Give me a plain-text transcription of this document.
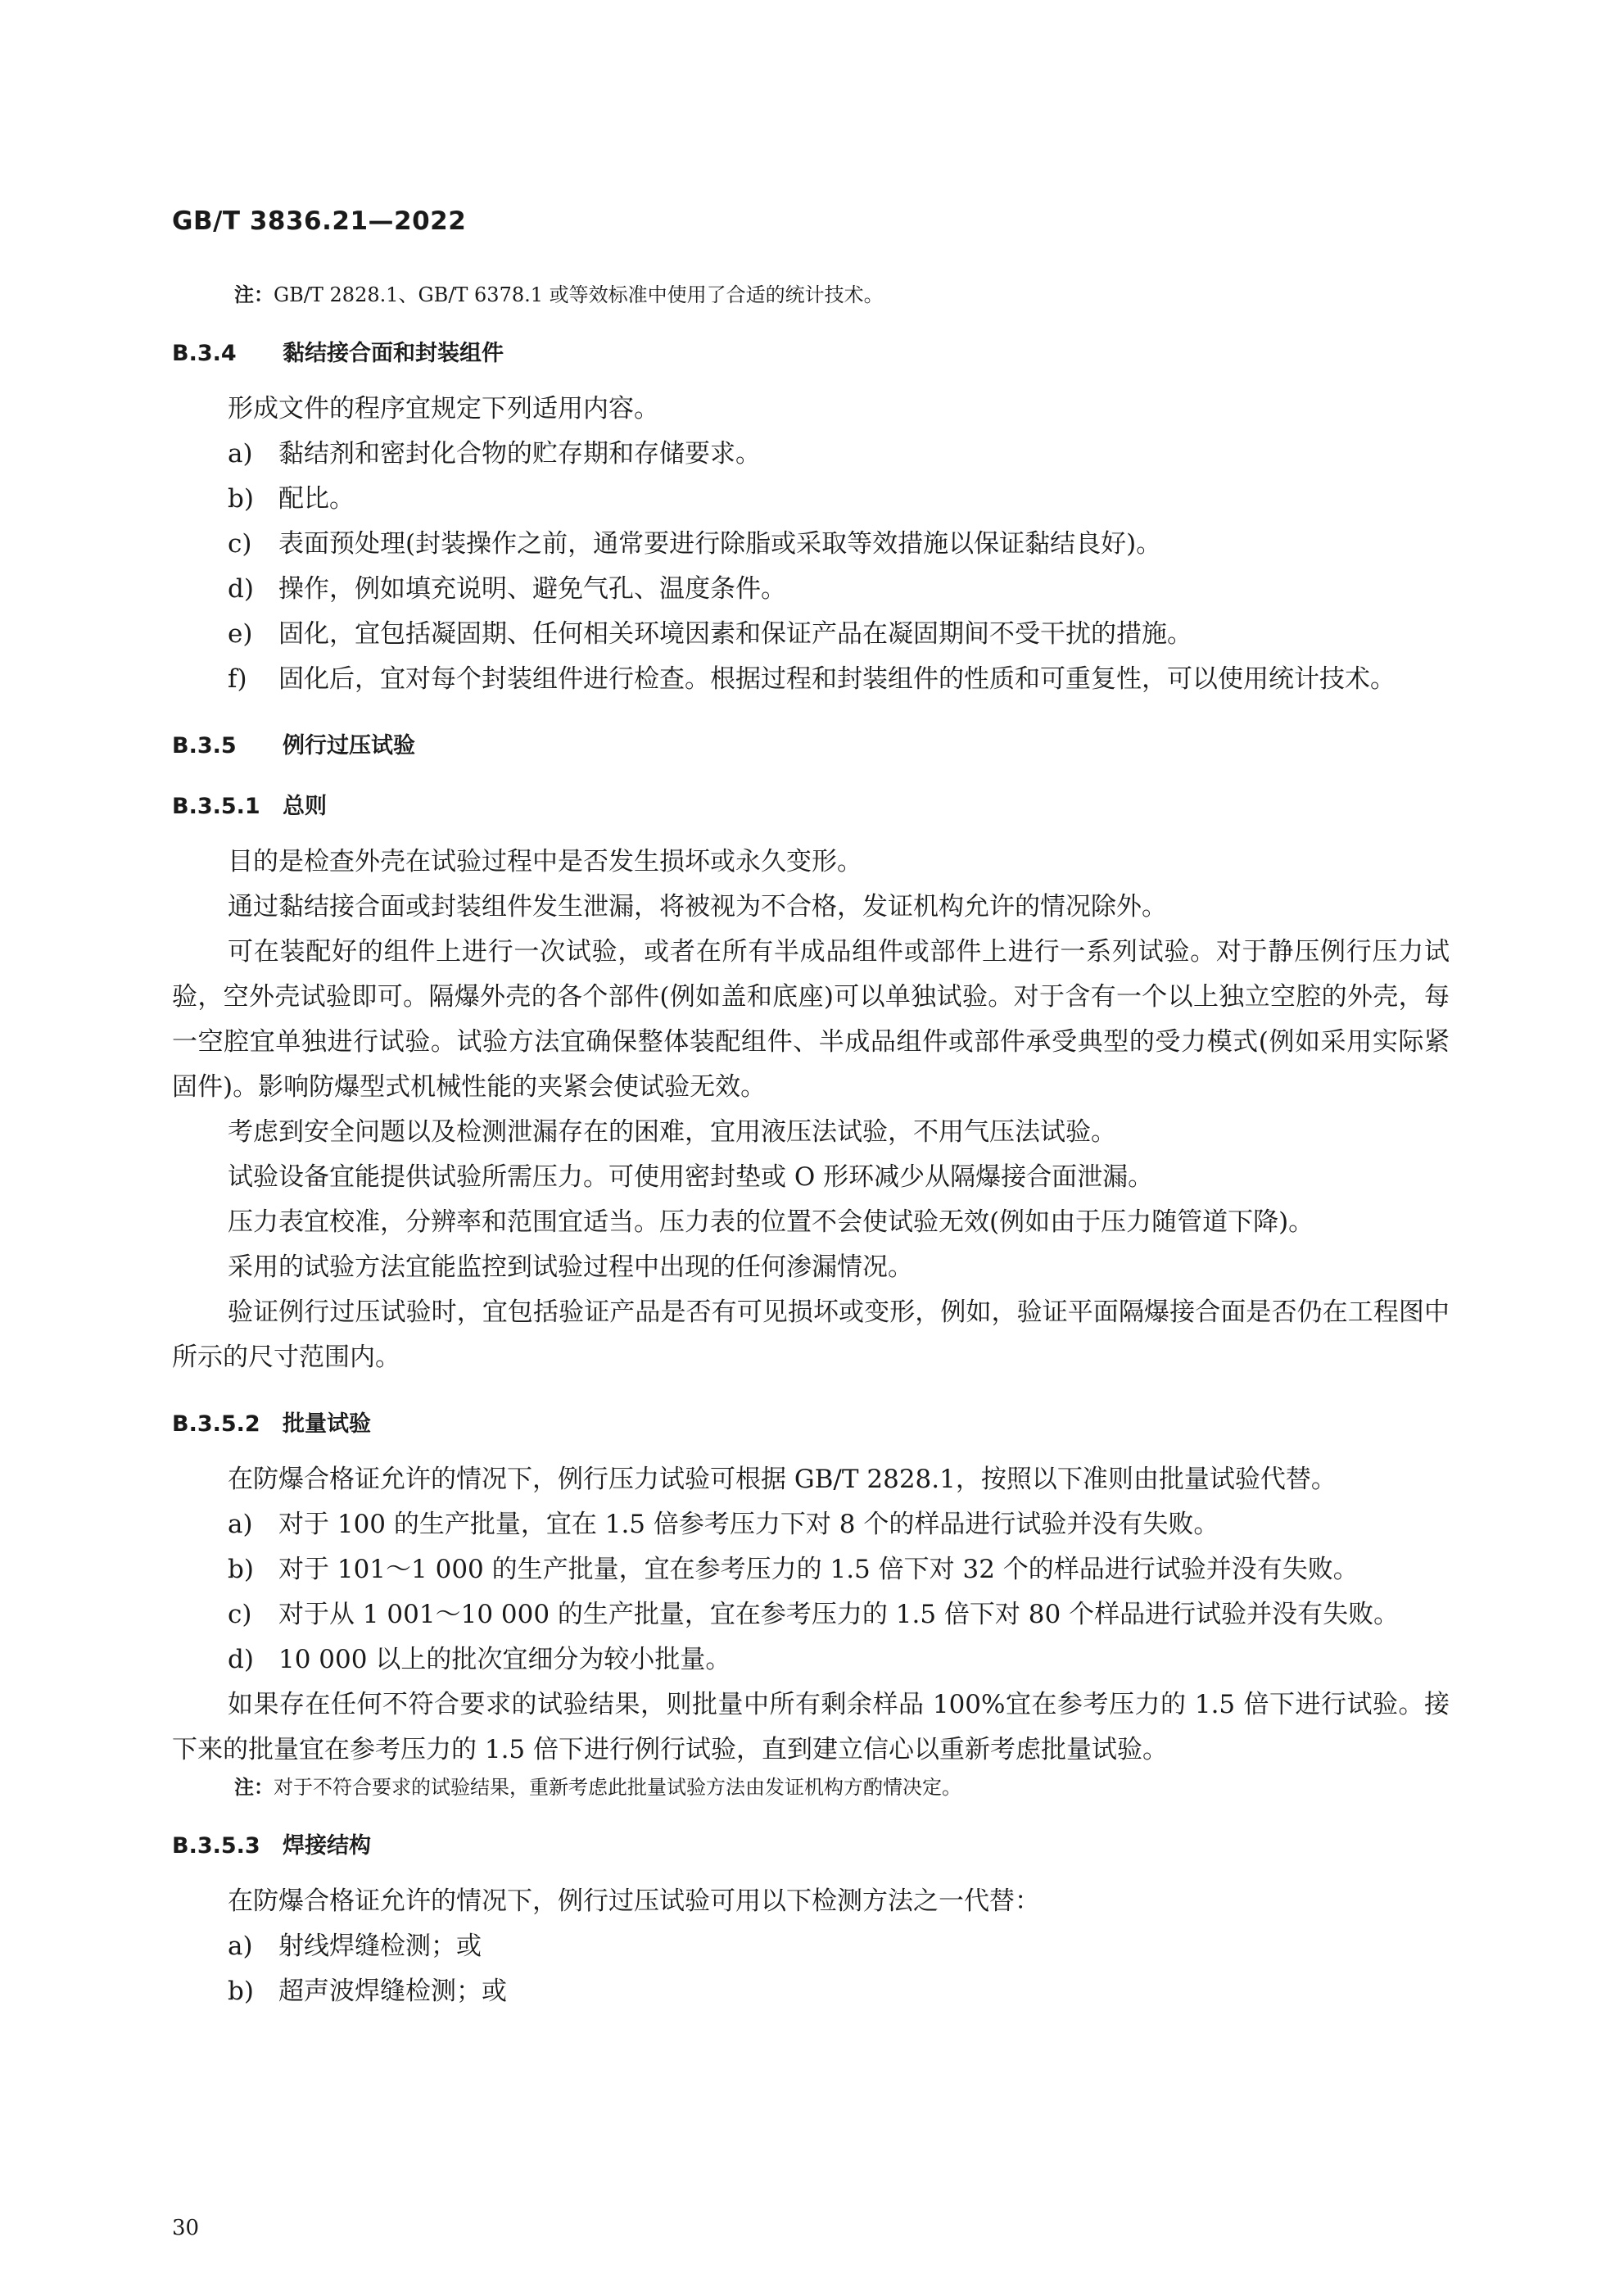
GB/T 3836.21—2022

注：GB/T 2828.1、GB/T 6378.1 或等效标准中使用了合适的统计技术。

B.3.4 黏结接合面和封装组件

形成文件的程序宜规定下列适用内容。

a)	黏结剂和密封化合物的贮存期和存储要求。
b) 配比。
c)	表面预处理(封装操作之前，通常要进行除脂或采取等效措施以保证黏结良好)。
d) 操作，例如填充说明、避免气孔、温度条件。
e)	固化，宜包括凝固期、任何相关环境因素和保证产品在凝固期间不受干扰的措施。
f)	固化后，宜对每个封装组件进行检查。根据过程和封装组件的性质和可重复性，可以使用统计技术。
B.3.5 例行过压试验
B.3.5.1 总则

目的是检查外壳在试验过程中是否发生损坏或永久变形。

通过黏结接合面或封装组件发生泄漏，将被视为不合格，发证机构允许的情况除外。

可在装配好的组件上进行一次试验，或者在所有半成品组件或部件上进行一系列试验。对于静压例行压力试验，空外壳试验即可。隔爆外壳的各个部件(例如盖和底座)可以单独试验。对于含有一个以上独立空腔的外壳，每一空腔宜单独进行试验。试验方法宜确保整体装配组件、半成品组件或部件承受典型的受力模式(例如采用实际紧固件)。影响防爆型式机械性能的夹紧会使试验无效。

考虑到安全问题以及检测泄漏存在的困难，宜用液压法试验，不用气压法试验。

试验设备宜能提供试验所需压力。可使用密封垫或 O 形环减少从隔爆接合面泄漏。

压力表宜校准，分辨率和范围宜适当。压力表的位置不会使试验无效(例如由于压力随管道下降)。

采用的试验方法宜能监控到试验过程中出现的任何渗漏情况。

验证例行过压试验时，宜包括验证产品是否有可见损坏或变形，例如，验证平面隔爆接合面是否仍在工程图中所示的尺寸范围内。

B.3.5.2 批量试验

在防爆合格证允许的情况下，例行压力试验可根据 GB/T 2828.1，按照以下准则由批量试验代替。

a)	对于 100 的生产批量，宜在 1.5 倍参考压力下对 8 个的样品进行试验并没有失败。
b) 对于 101～1 000 的生产批量，宜在参考压力的 1.5 倍下对 32 个的样品进行试验并没有失败。
c)	对于从 1 001～10 000 的生产批量，宜在参考压力的 1.5 倍下对 80 个样品进行试验并没有失败。
d) 10 000 以上的批次宜细分为较小批量。

如果存在任何不符合要求的试验结果，则批量中所有剩余样品 100%宜在参考压力的 1.5 倍下进行试验。接下来的批量宜在参考压力的 1.5 倍下进行例行试验，直到建立信心以重新考虑批量试验。

注：对于不符合要求的试验结果，重新考虑此批量试验方法由发证机构方酌情决定。

B.3.5.3 焊接结构

在防爆合格证允许的情况下，例行过压试验可用以下检测方法之一代替：

a)	射线焊缝检测；或
b) 超声波焊缝检测；或
30
